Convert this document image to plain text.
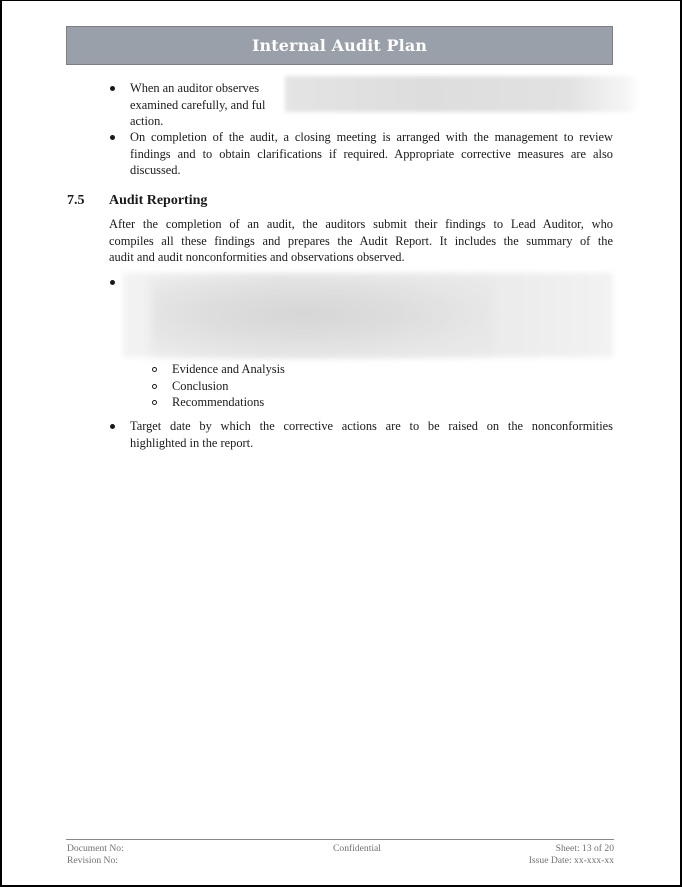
Internal Audit Plan
When an auditor observes
examined carefully, and ful
action.
On completion of the audit, a closing meeting is arranged with the management to review
findings and to obtain clarifications if required. Appropriate corrective measures are also
discussed.
7.5 Audit Reporting
After the completion of an audit, the auditors submit their findings to Lead Auditor, who
compiles all these findings and prepares the Audit Report. It includes the summary of the
audit and audit nonconformities and observations observed.
Evidence and Analysis
Conclusion
Recommendations
Target date by which the corrective actions are to be raised on the nonconformities
highlighted in the report.
Document No:
Revision No:
Confidential	Sheet: 13 of 20
Issue Date: xx-xxx-xx
